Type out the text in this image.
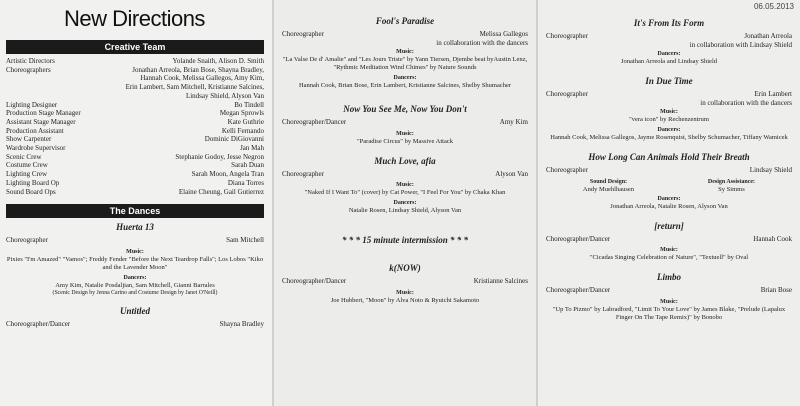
New Directions
Creative Team
Artistic Directors	Yolande Snaith, Alison D. Smith
Choreographers	Jonathan Arreola, Brian Bose, Shayna Bradley,
Hannah Cook, Melissa Gallegos, Amy Kim,
Erin Lambert, Sam Mitchell, Kristianne Salcines,
Lindsay Shield, Alyson Van
Lighting Designer	Bo Tindell
Production Stage Manager	Megan Sprowls
Assistant Stage Manager	Kate Guthrie
Production Assistant	Kelli Fernando
Show Carpenter	Dominic DiGiovanni
Wardrobe Supervisor	Jan Mah
Scenic Crew	Stephanie Godoy, Jesse Negron
Costume Crew	Sarah Duan
Lighting Crew	Sarah Moon, Angela Tran
Lighting Board Op	Diana Torres
Sound Board Ops	Elaine Cheung, Gail Gutierrez
The Dances
Huerta 13
Choreographer	Sam Mitchell
Music:
Pixies "I'm Amazed" "Vamos"; Freddy Fender "Before the Next Teardrop Falls"; Los Lobos "Kiko and the Lavender Moon"
Dancers:
Amy Kim, Natalie Posdaljian, Sam Mitchell, Gianni Barrales
(Scenic Design by Jenna Carino and Costume Design by Janet O'Neill)
Untitled
Choreographer/Dancer	Shayna Bradley
Fool's Paradise
Choreographer	Melissa Gallegos
in collaboration with the dancers
Music:
"La Valse De d' Amalie" and "Les Jours Triste" by Yann Tiersen, Djembe beat byAustin Lenz, "Rythmic Meditation Wind Chimes" by Nature Sounds
Dancers:
Hannah Cook, Brian Bose, Erin Lambert, Kristianne Salcines, Shelby Shumacher
Now You See Me, Now You Don't
Choreographer/Dancer	Amy Kim
Music:
"Paradise Circus" by Massive Attack
Much Love, afia
Choreographer	Alyson Van
Music:
"Naked If I Want To" (cover) by Cat Power, "I Feel For You" by Chaka Khan
Dancers:
Natalie Rosen, Lindsay Shield, Alyson Van
* * * 15 minute intermission * * *
k(NOW)
Choreographer/Dancer	Kristianne Salcines
Music:
Joe Hubbert, "Moon" by Alva Noto & Ryuichi Sakamoto
06.05.2013
It's From Its Form
Choreographer	Jonathan Arreola
in collaboration with Lindsay Shield
Dancers:
Jonathan Arreola and Lindsay Shield
In Due Time
Choreographer	Erin Lambert
in collaboration with the dancers
Music:
"vera icon" by Rechenzentrum
Dancers:
Hannah Cook, Melissa Gallegos, Jayme Rosenquist, Shelby Schumacher, Tiffany Wamicek
How Long Can Animals Hold Their Breath
Choreographer	Lindsay Shield
Sound Design:
Andy Muehlhausen
Design Assistance:
Sy Simms
Dancers:
Jonathan Arreola, Natalie Rosen, Alyson Van
[return]
Choreographer/Dancer	Hannah Cook
Music:
"Cicadas Singing Celebration of Nature", "Textuell" by Oval
Limbo
Choreographer/Dancer	Brian Bose
Music:
"Up To Pizmo" by Labradford, "Limit To Your Love" by James Blake, "Prelude (Lapalux Finger On The Tape Remix)" by Bonobo
